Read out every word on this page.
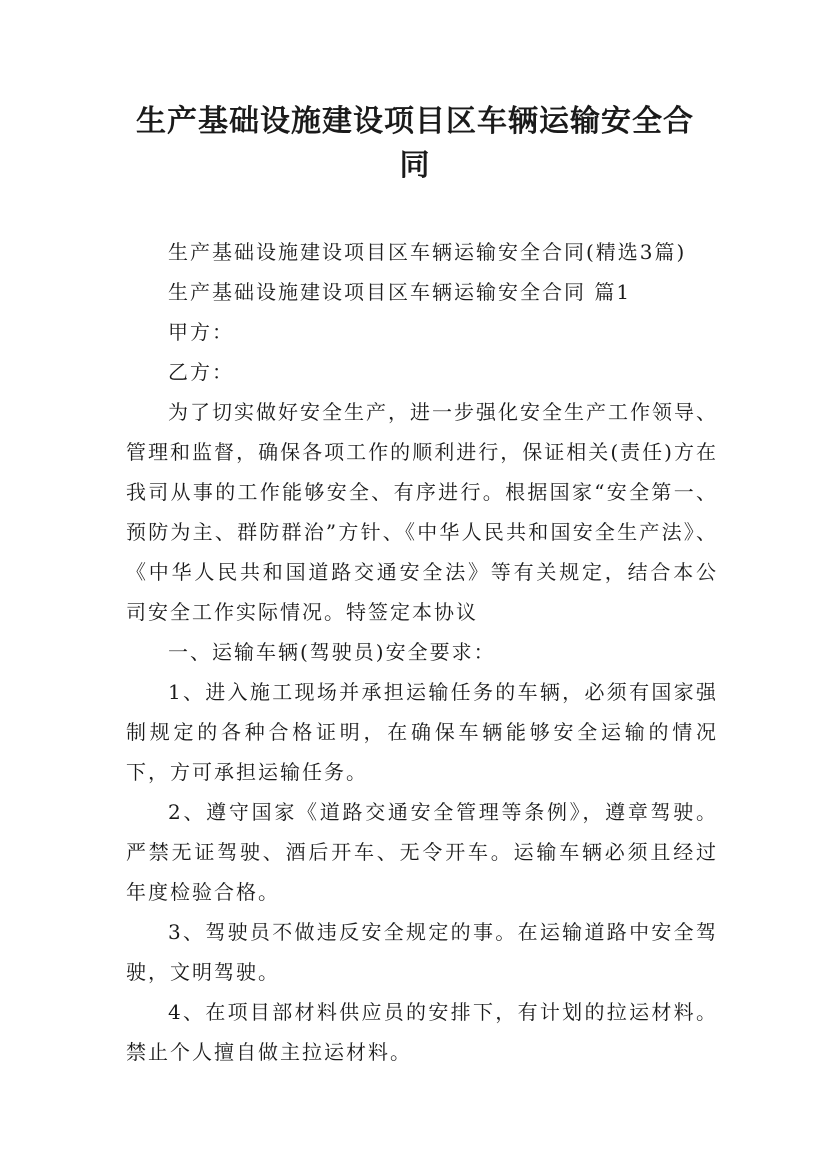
生产基础设施建设项目区车辆运输安全合
同

生产基础设施建设项目区车辆运输安全合同(精选3篇)

生产基础设施建设项目区车辆运输安全合同 篇1

甲方：

乙方：

为了切实做好安全生产，进一步强化安全生产工作领导、管理和监督，确保各项工作的顺利进行，保证相关(责任)方在我司从事的工作能够安全、有序进行。根据国家“安全第一、预防为主、群防群治”方针、《中华人民共和国安全生产法》、《中华人民共和国道路交通安全法》等有关规定，结合本公司安全工作实际情况。特签定本协议

一、运输车辆(驾驶员)安全要求：

1、进入施工现场并承担运输任务的车辆，必须有国家强制规定的各种合格证明，在确保车辆能够安全运输的情况下，方可承担运输任务。

2、遵守国家《道路交通安全管理等条例》，遵章驾驶。严禁无证驾驶、酒后开车、无令开车。运输车辆必须且经过年度检验合格。

3、驾驶员不做违反安全规定的事。在运输道路中安全驾驶，文明驾驶。

4、在项目部材料供应员的安排下，有计划的拉运材料。禁止个人擅自做主拉运材料。
